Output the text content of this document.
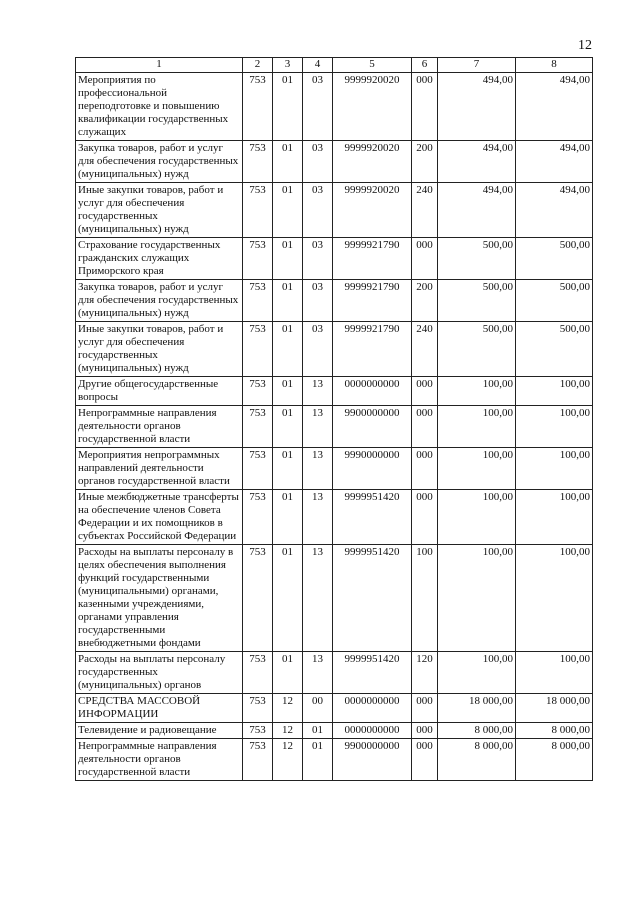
12
1	2	3	4	5	6	7	8
Мероприятия по профессиональной переподготовке и повышению квалификации государственных служащих	753	01	03	9999920020	000	494,00	494,00
Закупка товаров, работ и услуг для обеспечения государственных (муниципальных) нужд	753	01	03	9999920020	200	494,00	494,00
Иные закупки товаров, работ и услуг для обеспечения государственных (муниципальных) нужд	753	01	03	9999920020	240	494,00	494,00
Страхование государственных гражданских служащих Приморского края	753	01	03	9999921790	000	500,00	500,00
Закупка товаров, работ и услуг для обеспечения государственных (муниципальных) нужд	753	01	03	9999921790	200	500,00	500,00
Иные закупки товаров, работ и услуг для обеспечения государственных (муниципальных) нужд	753	01	03	9999921790	240	500,00	500,00
Другие общегосударственные вопросы	753	01	13	0000000000	000	100,00	100,00
Непрограммные направления деятельности органов государственной власти	753	01	13	9900000000	000	100,00	100,00
Мероприятия непрограммных направлений деятельности органов государственной власти	753	01	13	9990000000	000	100,00	100,00
Иные межбюджетные трансферты на обеспечение членов Совета Федерации и их помощников в субъектах Российской Федерации	753	01	13	9999951420	000	100,00	100,00
Расходы на выплаты персоналу в целях обеспечения выполнения функций государственными (муниципальными) органами, казенными учреждениями, органами управления государственными внебюджетными фондами	753	01	13	9999951420	100	100,00	100,00
Расходы на выплаты персоналу государственных (муниципальных) органов	753	01	13	9999951420	120	100,00	100,00
СРЕДСТВА МАССОВОЙ ИНФОРМАЦИИ	753	12	00	0000000000	000	18 000,00	18 000,00
Телевидение и радиовещание	753	12	01	0000000000	000	8 000,00	8 000,00
Непрограммные направления деятельности органов государственной власти	753	12	01	9900000000	000	8 000,00	8 000,00
